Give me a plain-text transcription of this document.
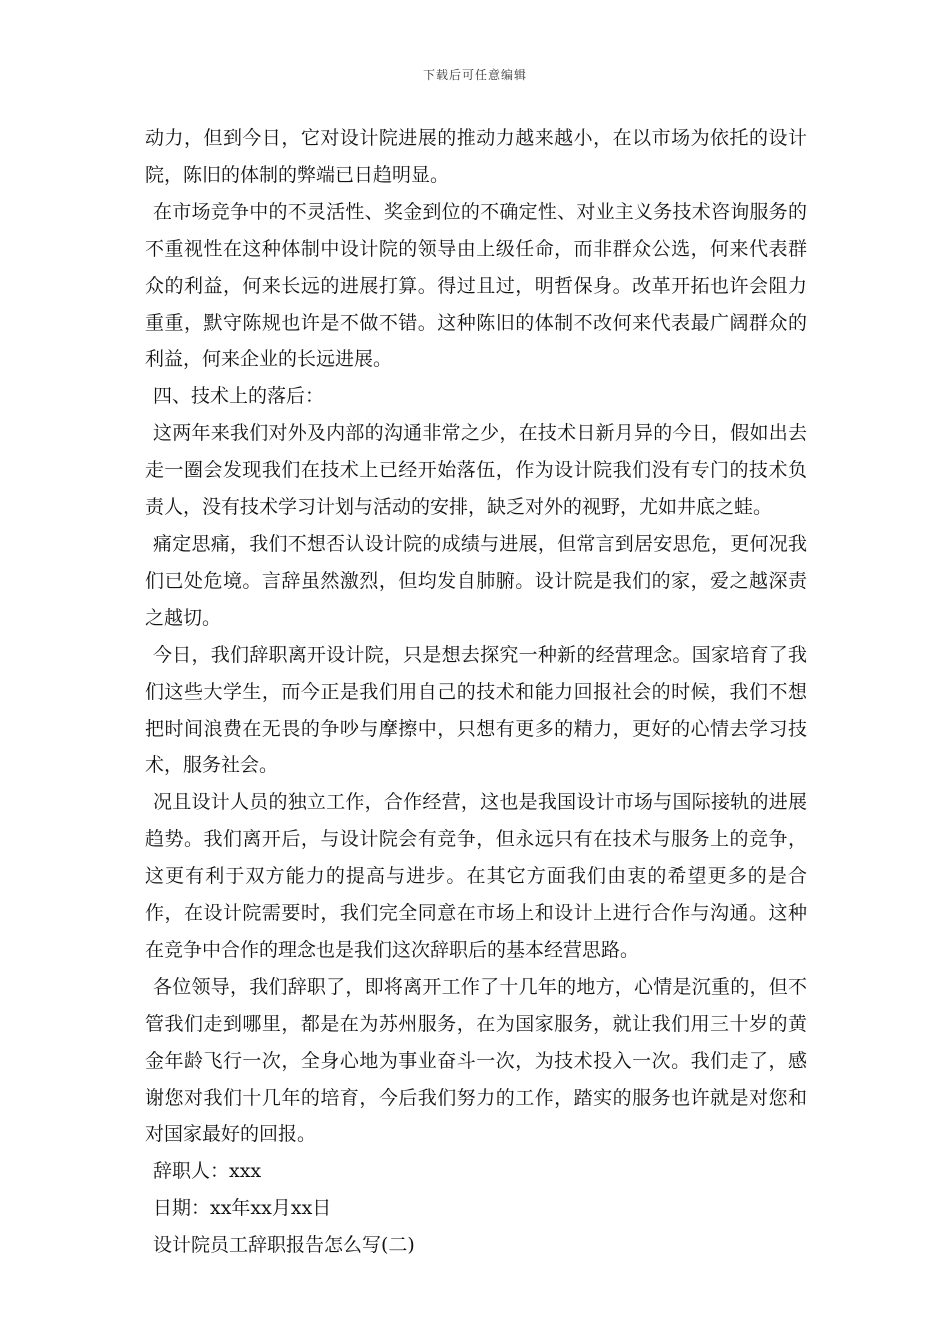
下载后可任意编辑

动力，但到今日，它对设计院进展的推动力越来越小，在以市场为依托的设计院，陈旧的体制的弊端已日趋明显。

在市场竞争中的不灵活性、奖金到位的不确定性、对业主义务技术咨询服务的不重视性在这种体制中设计院的领导由上级任命，而非群众公选，何来代表群众的利益，何来长远的进展打算。得过且过，明哲保身。改革开拓也许会阻力重重，默守陈规也许是不做不错。这种陈旧的体制不改何来代表最广阔群众的利益，何来企业的长远进展。

四、技术上的落后：

这两年来我们对外及内部的沟通非常之少，在技术日新月异的今日，假如出去走一圈会发现我们在技术上已经开始落伍，作为设计院我们没有专门的技术负责人，没有技术学习计划与活动的安排，缺乏对外的视野，尤如井底之蛙。

痛定思痛，我们不想否认设计院的成绩与进展，但常言到居安思危，更何况我们已处危境。言辞虽然激烈，但均发自肺腑。设计院是我们的家，爱之越深责之越切。

今日，我们辞职离开设计院，只是想去探究一种新的经营理念。国家培育了我们这些大学生，而今正是我们用自己的技术和能力回报社会的时候，我们不想把时间浪费在无畏的争吵与摩擦中，只想有更多的精力，更好的心情去学习技术，服务社会。

况且设计人员的独立工作，合作经营，这也是我国设计市场与国际接轨的进展趋势。我们离开后，与设计院会有竞争，但永远只有在技术与服务上的竞争，这更有利于双方能力的提高与进步。在其它方面我们由衷的希望更多的是合作，在设计院需要时，我们完全同意在市场上和设计上进行合作与沟通。这种在竞争中合作的理念也是我们这次辞职后的基本经营思路。

各位领导，我们辞职了，即将离开工作了十几年的地方，心情是沉重的，但不管我们走到哪里，都是在为苏州服务，在为国家服务，就让我们用三十岁的黄金年龄飞行一次，全身心地为事业奋斗一次，为技术投入一次。我们走了，感谢您对我们十几年的培育，今后我们努力的工作，踏实的服务也许就是对您和对国家最好的回报。

辞职人：xxx

日期：xx年xx月xx日

设计院员工辞职报告怎么写(二)
